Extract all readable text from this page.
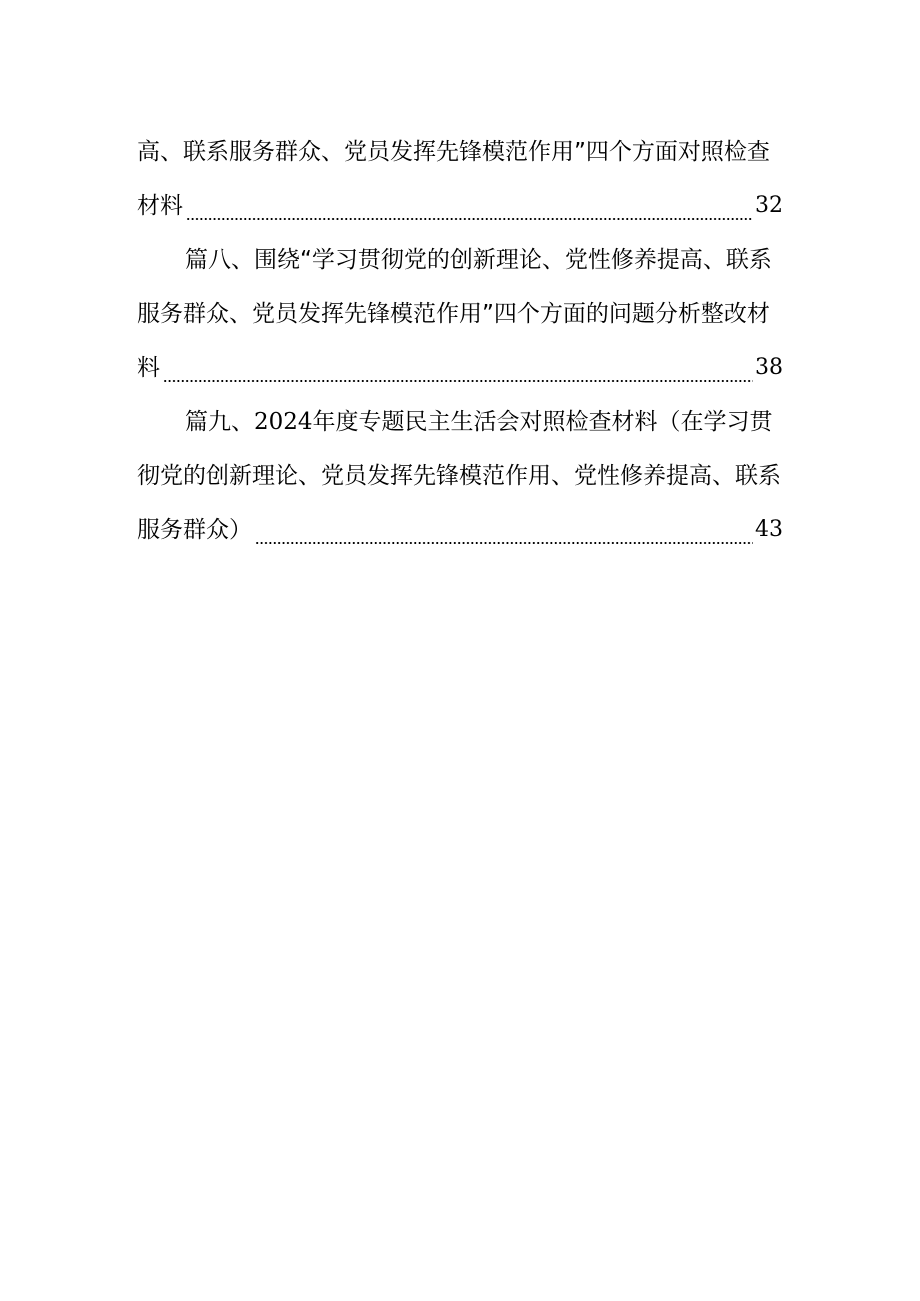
高、联系服务群众、党员发挥先锋模范作用”四个方面对照检查
材料	32
篇八、围绕“学习贯彻党的创新理论、党性修养提高、联系
服务群众、党员发挥先锋模范作用”四个方面的问题分析整改材
料	38
篇九、2024年度专题民主生活会对照检查材料（在学习贯
彻党的创新理论、党员发挥先锋模范作用、党性修养提高、联系
服务群众）	43
